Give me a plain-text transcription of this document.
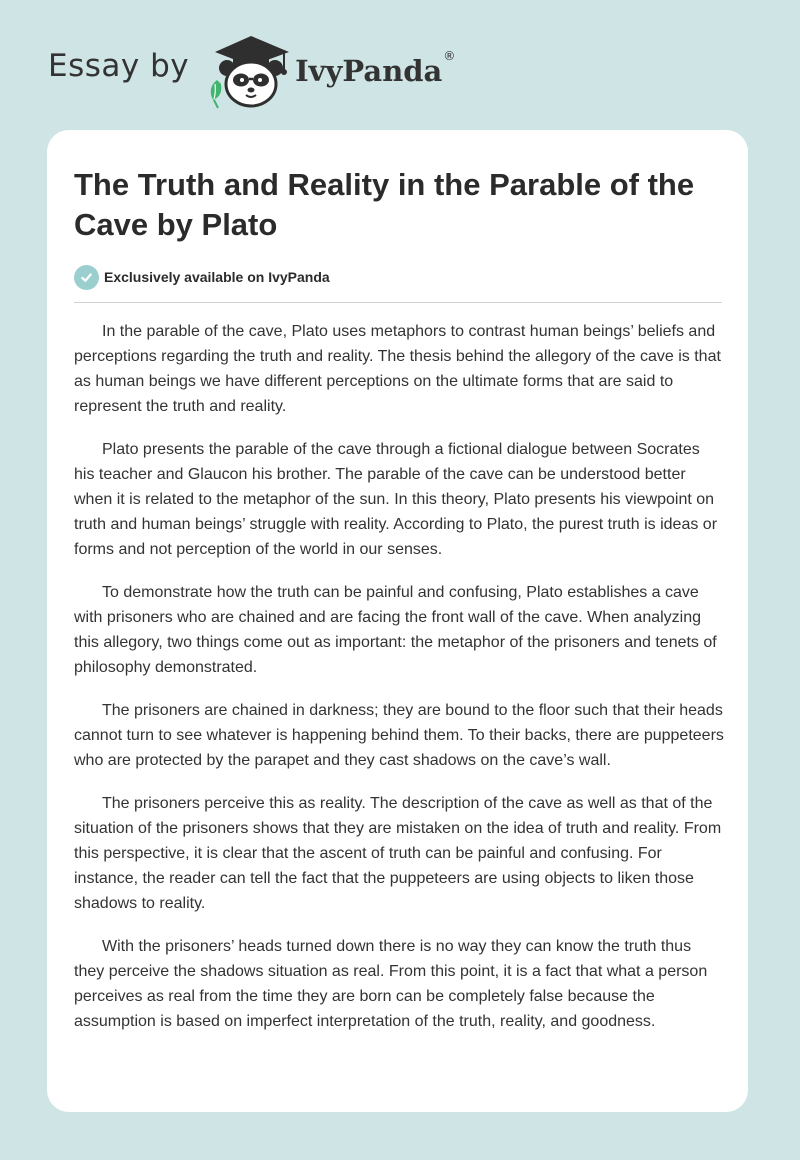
Essay by	IvyPanda ®
The Truth and Reality in the Parable of the Cave by Plato
Exclusively available on IvyPanda

In the parable of the cave, Plato uses metaphors to contrast human beings’ beliefs and perceptions regarding the truth and reality. The thesis behind the allegory of the cave is that as human beings we have different perceptions on the ultimate forms that are said to represent the truth and reality.

Plato presents the parable of the cave through a fictional dialogue between Socrates his teacher and Glaucon his brother. The parable of the cave can be understood better when it is related to the metaphor of the sun. In this theory, Plato presents his viewpoint on truth and human beings’ struggle with reality. According to Plato, the purest truth is ideas or forms and not perception of the world in our senses.

To demonstrate how the truth can be painful and confusing, Plato establishes a cave with prisoners who are chained and are facing the front wall of the cave. When analyzing this allegory, two things come out as important: the metaphor of the prisoners and tenets of philosophy demonstrated.

The prisoners are chained in darkness; they are bound to the floor such that their heads cannot turn to see whatever is happening behind them. To their backs, there are puppeteers who are protected by the parapet and they cast shadows on the cave’s wall.

The prisoners perceive this as reality. The description of the cave as well as that of the situation of the prisoners shows that they are mistaken on the idea of truth and reality. From this perspective, it is clear that the ascent of truth can be painful and confusing. For instance, the reader can tell the fact that the puppeteers are using objects to liken those shadows to reality.

With the prisoners’ heads turned down there is no way they can know the truth thus they perceive the shadows situation as real. From this point, it is a fact that what a person perceives as real from the time they are born can be completely false because the assumption is based on imperfect interpretation of the truth, reality, and goodness.
